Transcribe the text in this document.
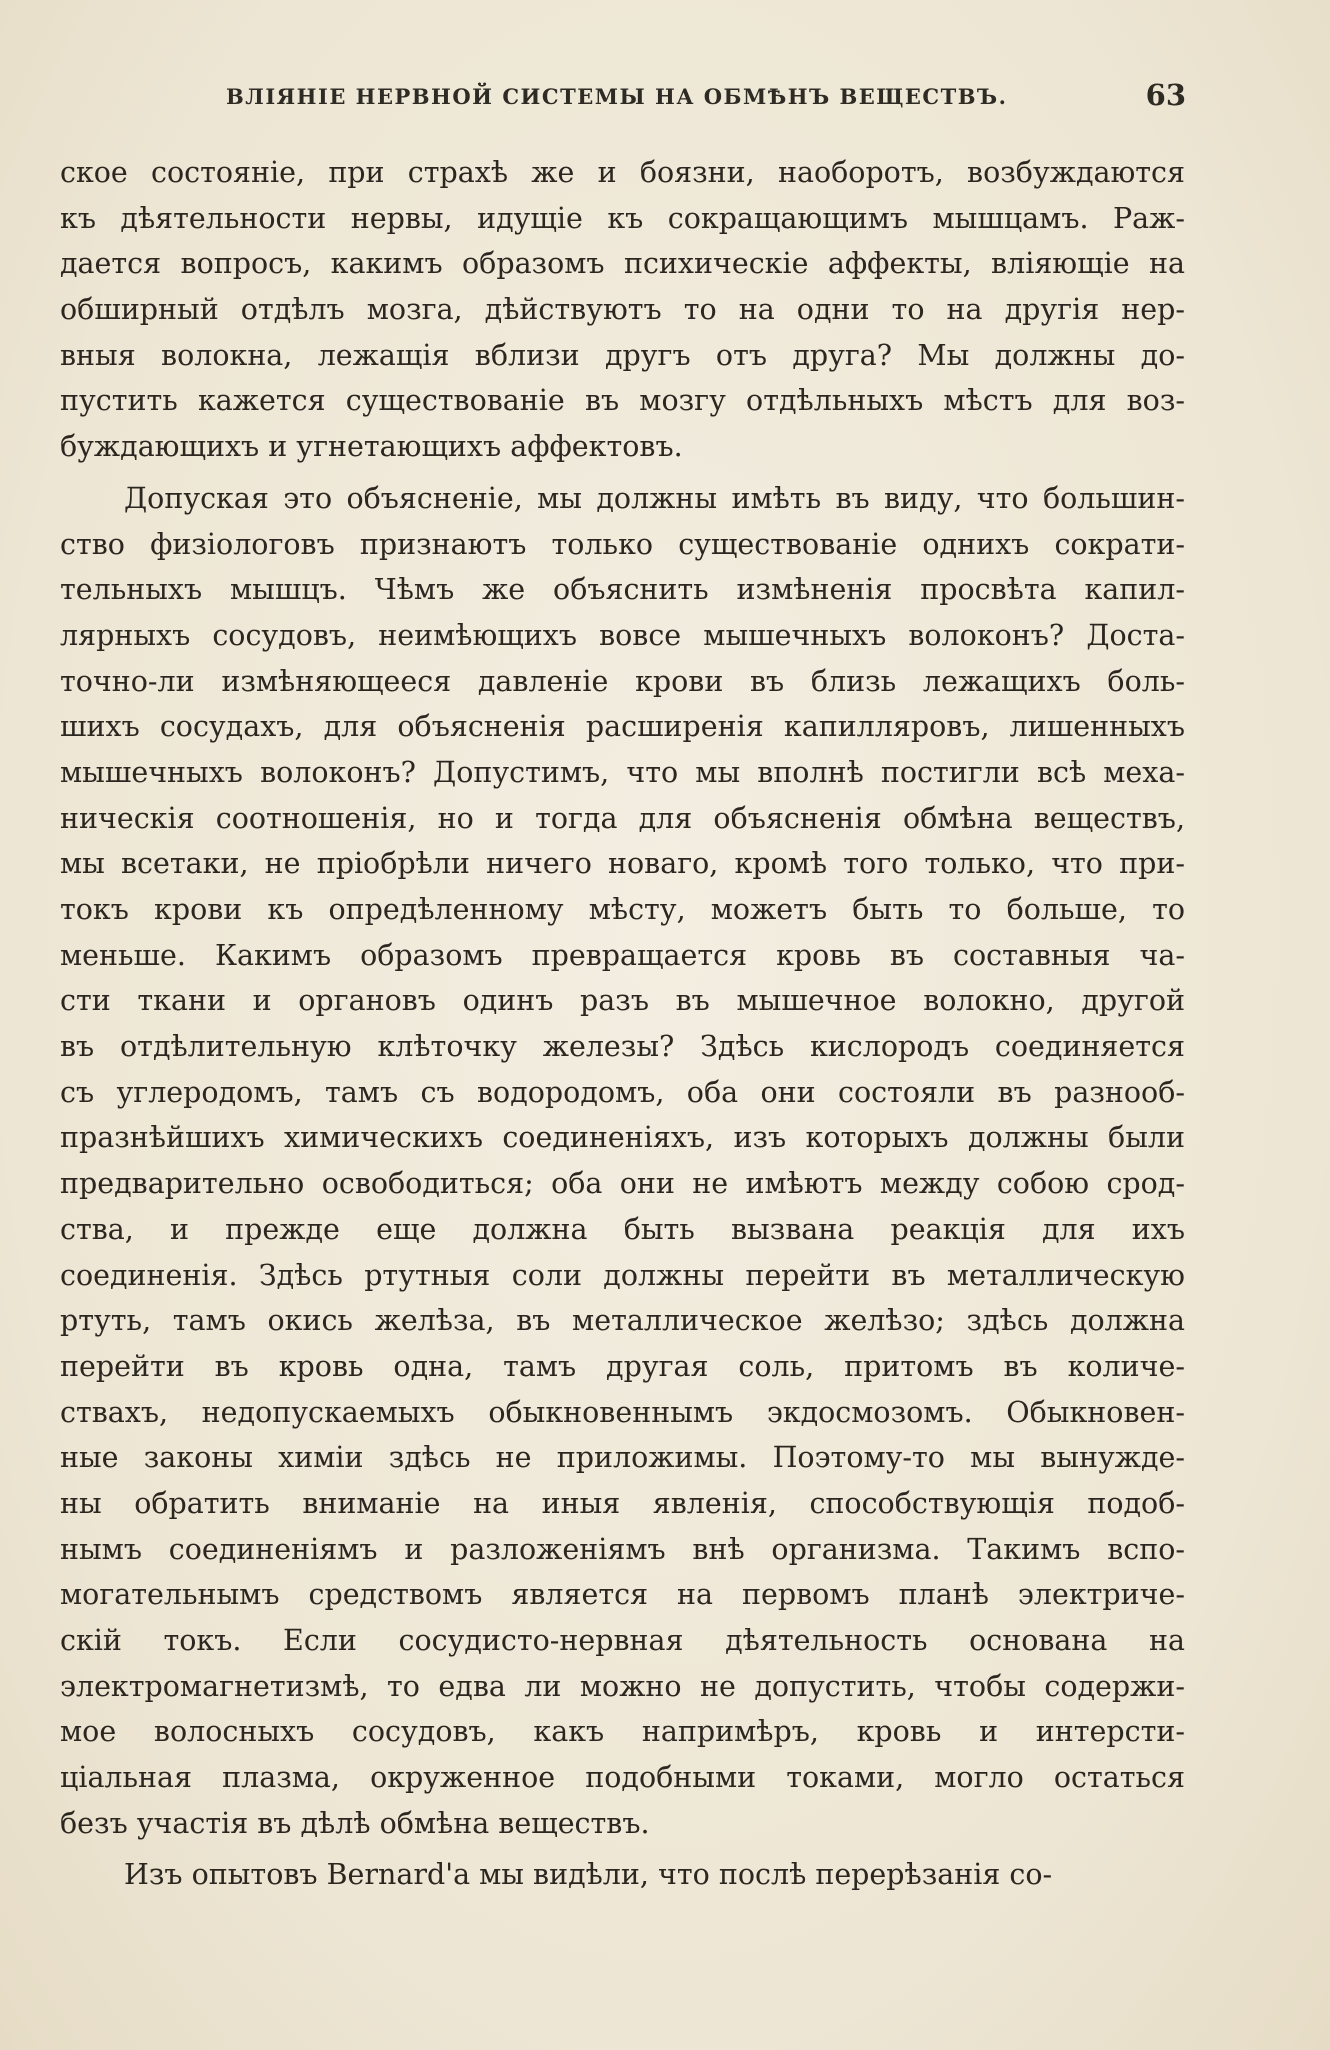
ВЛІЯНІЕ НЕРВНОЙ СИСТЕМЫ НА ОБМѢНЪ ВЕЩЕСТВЪ.	63
ское состояніе, при страхѣ же и боязни, наоборотъ, возбуждаются
къ дѣятельности нервы, идущіе къ сокращающимъ мышцамъ. Раж-
дается вопросъ, какимъ образомъ психическіе аффекты, вліяющіе на
обширный отдѣлъ мозга, дѣйствуютъ то на одни то на другія нер-
вныя волокна, лежащія вблизи другъ отъ друга? Мы должны до-
пустить кажется существованіе въ мозгу отдѣльныхъ мѣстъ для воз-
буждающихъ и угнетающихъ аффектовъ.
Допуская это объясненіе, мы должны имѣть въ виду, что большин-
ство физіологовъ признаютъ только существованіе однихъ сократи-
тельныхъ мышцъ. Чѣмъ же объяснить измѣненія просвѣта капил-
лярныхъ сосудовъ, неимѣющихъ вовсе мышечныхъ волоконъ? Доста-
точно-ли измѣняющееся давленіе крови въ близь лежащихъ боль-
шихъ сосудахъ, для объясненія расширенія капилляровъ, лишенныхъ
мышечныхъ волоконъ? Допустимъ, что мы вполнѣ постигли всѣ меха-
ническія соотношенія, но и тогда для объясненія обмѣна веществъ,
мы всетаки, не пріобрѣли ничего новаго, кромѣ того только, что при-
токъ крови къ опредѣленному мѣсту, можетъ быть то больше, то
меньше. Какимъ образомъ превращается кровь въ составныя ча-
сти ткани и органовъ одинъ разъ въ мышечное волокно, другой
въ отдѣлительную клѣточку железы? Здѣсь кислородъ соединяется
съ углеродомъ, тамъ съ водородомъ, оба они состояли въ разнооб-
празнѣйшихъ химическихъ соединеніяхъ, изъ которыхъ должны были
предварительно освободиться; оба они не имѣютъ между собою срод-
ства, и прежде еще должна быть вызвана реакція для ихъ
соединенія. Здѣсь ртутныя соли должны перейти въ металлическую
ртуть, тамъ окись желѣза, въ металлическое желѣзо; здѣсь должна
перейти въ кровь одна, тамъ другая соль, притомъ въ количе-
ствахъ, недопускаемыхъ обыкновеннымъ экдосмозомъ. Обыкновен-
ные законы химіи здѣсь не приложимы. Поэтому-то мы вынужде-
ны обратить вниманіе на иныя явленія, способствующія подоб-
нымъ соединеніямъ и разложеніямъ внѣ организма. Такимъ вспо-
могательнымъ средствомъ является на первомъ планѣ электриче-
скій токъ. Если сосудисто-нервная дѣятельность основана на
электромагнетизмѣ, то едва ли можно не допустить, чтобы содержи-
мое волосныхъ сосудовъ, какъ напримѣръ, кровь и интерсти-
ціальная плазма, окруженное подобными токами, могло остаться
безъ участія въ дѣлѣ обмѣна веществъ.
Изъ опытовъ Bernard'а мы видѣли, что послѣ перерѣзанія со-
